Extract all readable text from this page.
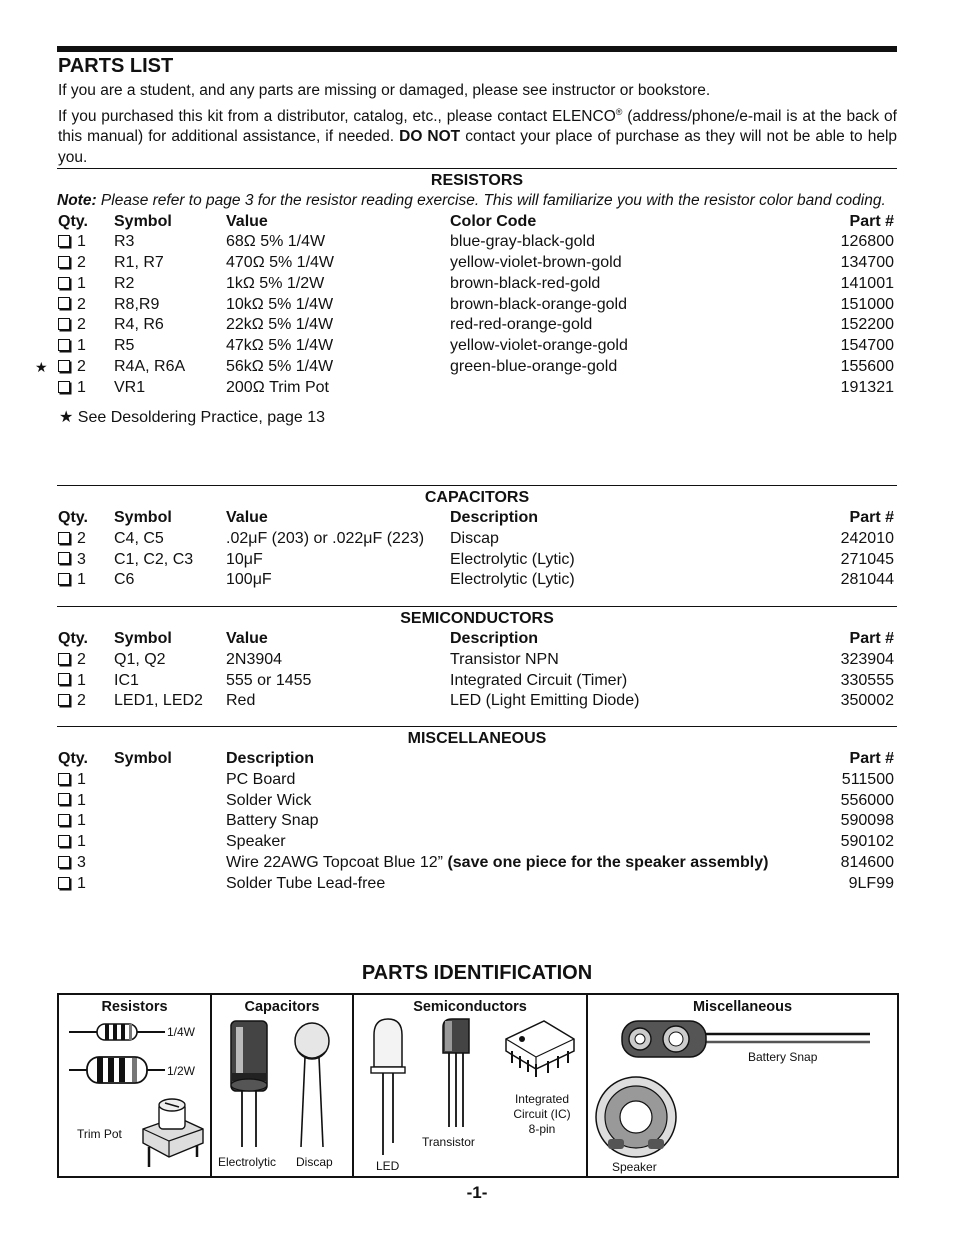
PARTS LIST

If you are a student, and any parts are missing or damaged, please see instructor or bookstore.

If you purchased this kit from a distributor, catalog, etc., please contact ELENCO® (address/phone/e-mail is at the back of this manual) for additional assistance, if needed. DO NOT contact your place of purchase as they will not be able to help you.

RESISTORS
Note: Please refer to page 3 for the resistor reading exercise. This will familiarize you with the resistor color band coding.
Qty.	Symbol	Value	Color Code	Part #

1	R3	68Ω 5% 1/4W	blue-gray-black-gold	126800

2	R1, R7	470Ω 5% 1/4W	yellow-violet-brown-gold	134700

1	R2	1kΩ 5% 1/2W	brown-black-red-gold	141001

2	R8,R9	10kΩ 5% 1/4W	brown-black-orange-gold	151000

2	R4, R6	22kΩ 5% 1/4W	red-red-orange-gold	152200

1	R5	47kΩ 5% 1/4W	yellow-violet-orange-gold	154700

★ 2	R4A, R6A	56kΩ 5% 1/4W	green-blue-orange-gold	155600

1	VR1	200Ω Trim Pot		191321
★ See Desoldering Practice, page 13
CAPACITORS
Qty.	Symbol	Value	Description	Part #
2	C4, C5	.02μF (203) or .022μF (223)	Discap	242010
3	C1, C2, C3	10μF	Electrolytic (Lytic)	271045
1	C6	100μF	Electrolytic (Lytic)	281044
SEMICONDUCTORS
Qty.	Symbol	Value	Description	Part #
2	Q1, Q2	2N3904	Transistor NPN	323904
1	IC1	555 or 1455	Integrated Circuit (Timer)	330555
2	LED1, LED2	Red	LED (Light Emitting Diode)	350002
MISCELLANEOUS
Qty.	Symbol	Description	Part #
1		PC Board	511500
1		Solder Wick	556000
1		Battery Snap	590098
1		Speaker	590102
3		Wire 22AWG Topcoat Blue 12” (save one piece for the speaker assembly)	814600
1		Solder Tube Lead-free	9LF99
PARTS IDENTIFICATION
Resistors
1/4W
1/2W
Trim Pot
Capacitors
Electrolytic Discap
Semiconductors
LED
Transistor
Integrated
Circuit (IC)
8-pin
Miscellaneous
Battery Snap
Speaker
-1-
